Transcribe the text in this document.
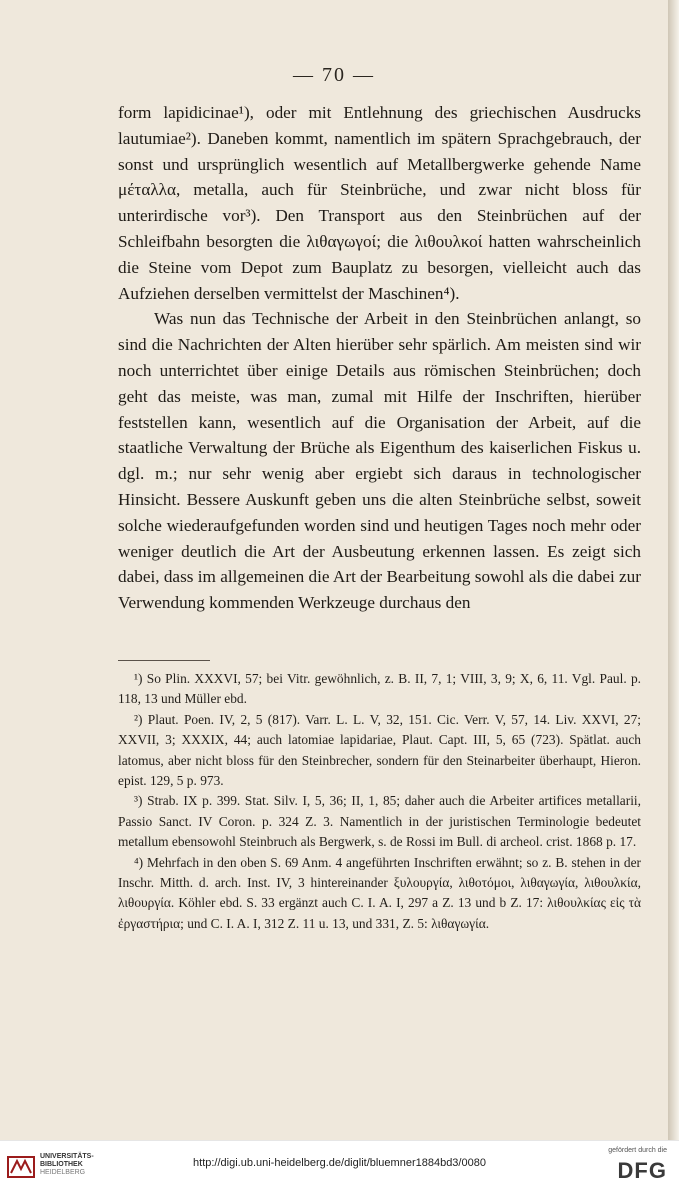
— 70 —

form lapidicinae¹), oder mit Entlehnung des griechischen Ausdrucks lautumiae²). Daneben kommt, namentlich im spätern Sprachgebrauch, der sonst und ursprünglich wesentlich auf Metallbergwerke gehende Name μέταλλα, metalla, auch für Steinbrüche, und zwar nicht bloss für unterirdische vor³). Den Transport aus den Steinbrüchen auf der Schleifbahn besorgten die λιθαγωγοί; die λιθουλκοί hatten wahrscheinlich die Steine vom Depot zum Bauplatz zu besorgen, vielleicht auch das Aufziehen derselben vermittelst der Maschinen⁴).

Was nun das Technische der Arbeit in den Steinbrüchen anlangt, so sind die Nachrichten der Alten hierüber sehr spärlich. Am meisten sind wir noch unterrichtet über einige Details aus römischen Steinbrüchen; doch geht das meiste, was man, zumal mit Hilfe der Inschriften, hierüber feststellen kann, wesentlich auf die Organisation der Arbeit, auf die staatliche Verwaltung der Brüche als Eigenthum des kaiserlichen Fiskus u. dgl. m.; nur sehr wenig aber ergiebt sich daraus in technologischer Hinsicht. Bessere Auskunft geben uns die alten Steinbrüche selbst, soweit solche wiederaufgefunden worden sind und heutigen Tages noch mehr oder weniger deutlich die Art der Ausbeutung erkennen lassen. Es zeigt sich dabei, dass im allgemeinen die Art der Bearbeitung sowohl als die dabei zur Verwendung kommenden Werkzeuge durchaus den

¹) So Plin. XXXVI, 57; bei Vitr. gewöhnlich, z. B. II, 7, 1; VIII, 3, 9; X, 6, 11. Vgl. Paul. p. 118, 13 und Müller ebd.

²) Plaut. Poen. IV, 2, 5 (817). Varr. L. L. V, 32, 151. Cic. Verr. V, 57, 14. Liv. XXVI, 27; XXVII, 3; XXXIX, 44; auch latomiae lapidariae, Plaut. Capt. III, 5, 65 (723). Spätlat. auch latomus, aber nicht bloss für den Steinbrecher, sondern für den Steinarbeiter überhaupt, Hieron. epist. 129, 5 p. 973.

³) Strab. IX p. 399. Stat. Silv. I, 5, 36; II, 1, 85; daher auch die Arbeiter artifices metallarii, Passio Sanct. IV Coron. p. 324 Z. 3. Namentlich in der juristischen Terminologie bedeutet metallum ebensowohl Steinbruch als Bergwerk, s. de Rossi im Bull. di archeol. crist. 1868 p. 17.

⁴) Mehrfach in den oben S. 69 Anm. 4 angeführten Inschriften erwähnt; so z. B. stehen in der Inschr. Mitth. d. arch. Inst. IV, 3 hintereinander ξυλουργία, λιθοτόμοι, λιθαγωγία, λιθουλκία, λιθουργία. Köhler ebd. S. 33 ergänzt auch C. I. A. I, 297 a Z. 13 und b Z. 17: λιθουλκίας εἰς τὰ ἐργαστήρια; und C. I. A. I, 312 Z. 11 u. 13, und 331, Z. 5: λιθαγωγία.

UNIVERSITÄTS-
BIBLIOTHEK
HEIDELBERG
http://digi.ub.uni-heidelberg.de/diglit/bluemner1884bd3/0080
gefördert durch die
DFG
